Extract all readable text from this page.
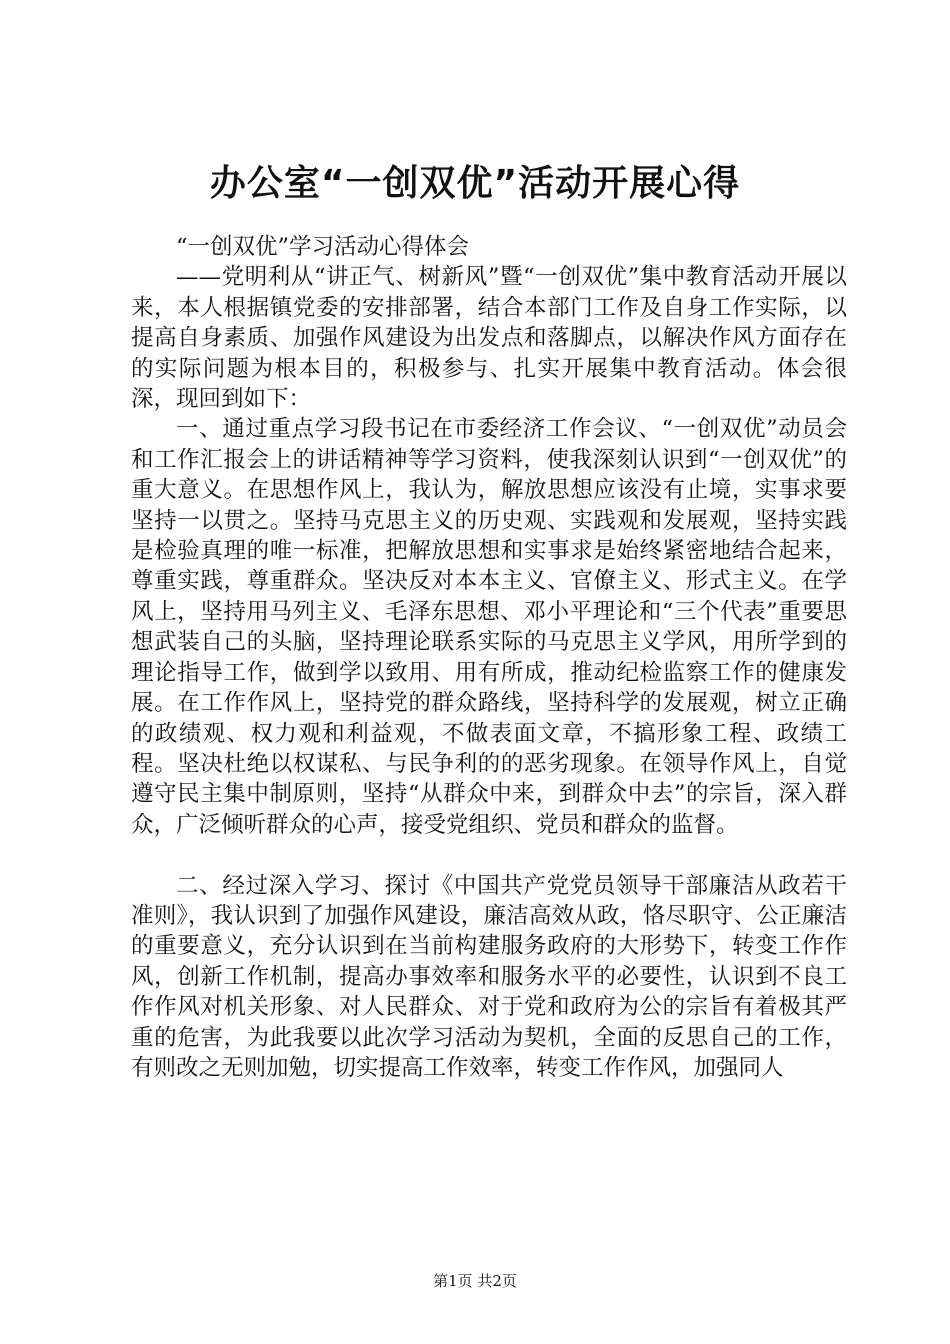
办公室“一创双优”活动开展心得

“一创双优”学习活动心得体会

——党明利从“讲正气、树新风”暨“一创双优”集中教育活动开展以来，本人根据镇党委的安排部署，结合本部门工作及自身工作实际，以提高自身素质、加强作风建设为出发点和落脚点，以解决作风方面存在的实际问题为根本目的，积极参与、扎实开展集中教育活动。体会很深，现回到如下：

一、通过重点学习段书记在市委经济工作会议、“一创双优”动员会和工作汇报会上的讲话精神等学习资料，使我深刻认识到“一创双优”的重大意义。在思想作风上，我认为，解放思想应该没有止境，实事求要坚持一以贯之。坚持马克思主义的历史观、实践观和发展观，坚持实践是检验真理的唯一标准，把解放思想和实事求是始终紧密地结合起来，尊重实践，尊重群众。坚决反对本本主义、官僚主义、形式主义。在学风上，坚持用马列主义、毛泽东思想、邓小平理论和“三个代表”重要思想武装自己的头脑，坚持理论联系实际的马克思主义学风，用所学到的理论指导工作，做到学以致用、用有所成，推动纪检监察工作的健康发展。在工作作风上，坚持党的群众路线，坚持科学的发展观，树立正确的政绩观、权力观和利益观，不做表面文章，不搞形象工程、政绩工程。坚决杜绝以权谋私、与民争利的的恶劣现象。在领导作风上，自觉遵守民主集中制原则，坚持“从群众中来，到群众中去”的宗旨，深入群众，广泛倾听群众的心声，接受党组织、党员和群众的监督。

二、经过深入学习、探讨《中国共产党党员领导干部廉洁从政若干准则》，我认识到了加强作风建设，廉洁高效从政，恪尽职守、公正廉洁的重要意义，充分认识到在当前构建服务政府的大形势下，转变工作作风，创新工作机制，提高办事效率和服务水平的必要性，认识到不良工作作风对机关形象、对人民群众、对于党和政府为公的宗旨有着极其严重的危害，为此我要以此次学习活动为契机，全面的反思自己的工作，有则改之无则加勉，切实提高工作效率，转变工作作风，加强同人

第1页 共2页
